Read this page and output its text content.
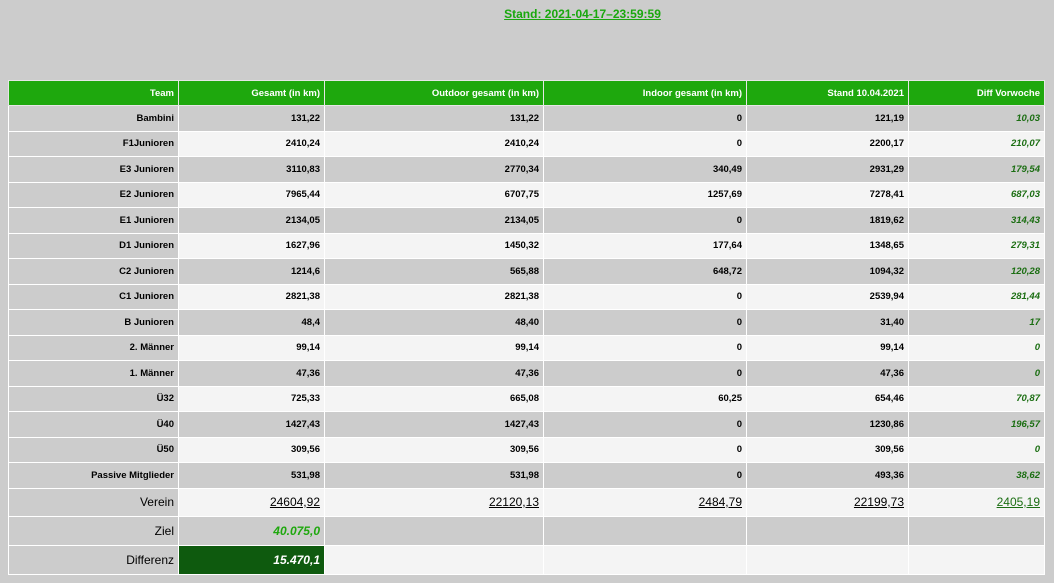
Stand: 2021-04-17–23:59:59
Team	Gesamt (in km)	Outdoor gesamt (in km)	Indoor gesamt (in km)	Stand 10.04.2021	Diff Vorwoche
Bambini	131,22	131,22	0	121,19	10,03
F1Junioren	2410,24	2410,24	0	2200,17	210,07
E3 Junioren	3110,83	2770,34	340,49	2931,29	179,54
E2 Junioren	7965,44	6707,75	1257,69	7278,41	687,03
E1 Junioren	2134,05	2134,05	0	1819,62	314,43
D1 Junioren	1627,96	1450,32	177,64	1348,65	279,31
C2 Junioren	1214,6	565,88	648,72	1094,32	120,28
C1 Junioren	2821,38	2821,38	0	2539,94	281,44
B Junioren	48,4	48,40	0	31,40	17
2. Männer	99,14	99,14	0	99,14	0
1. Männer	47,36	47,36	0	47,36	0
Ü32	725,33	665,08	60,25	654,46	70,87
Ü40	1427,43	1427,43	0	1230,86	196,57
Ü50	309,56	309,56	0	309,56	0
Passive Mitglieder	531,98	531,98	0	493,36	38,62
Verein	24604,92	22120,13	2484,79	22199,73	2405,19
Ziel	40.075,0				
Differenz	15.470,1				
